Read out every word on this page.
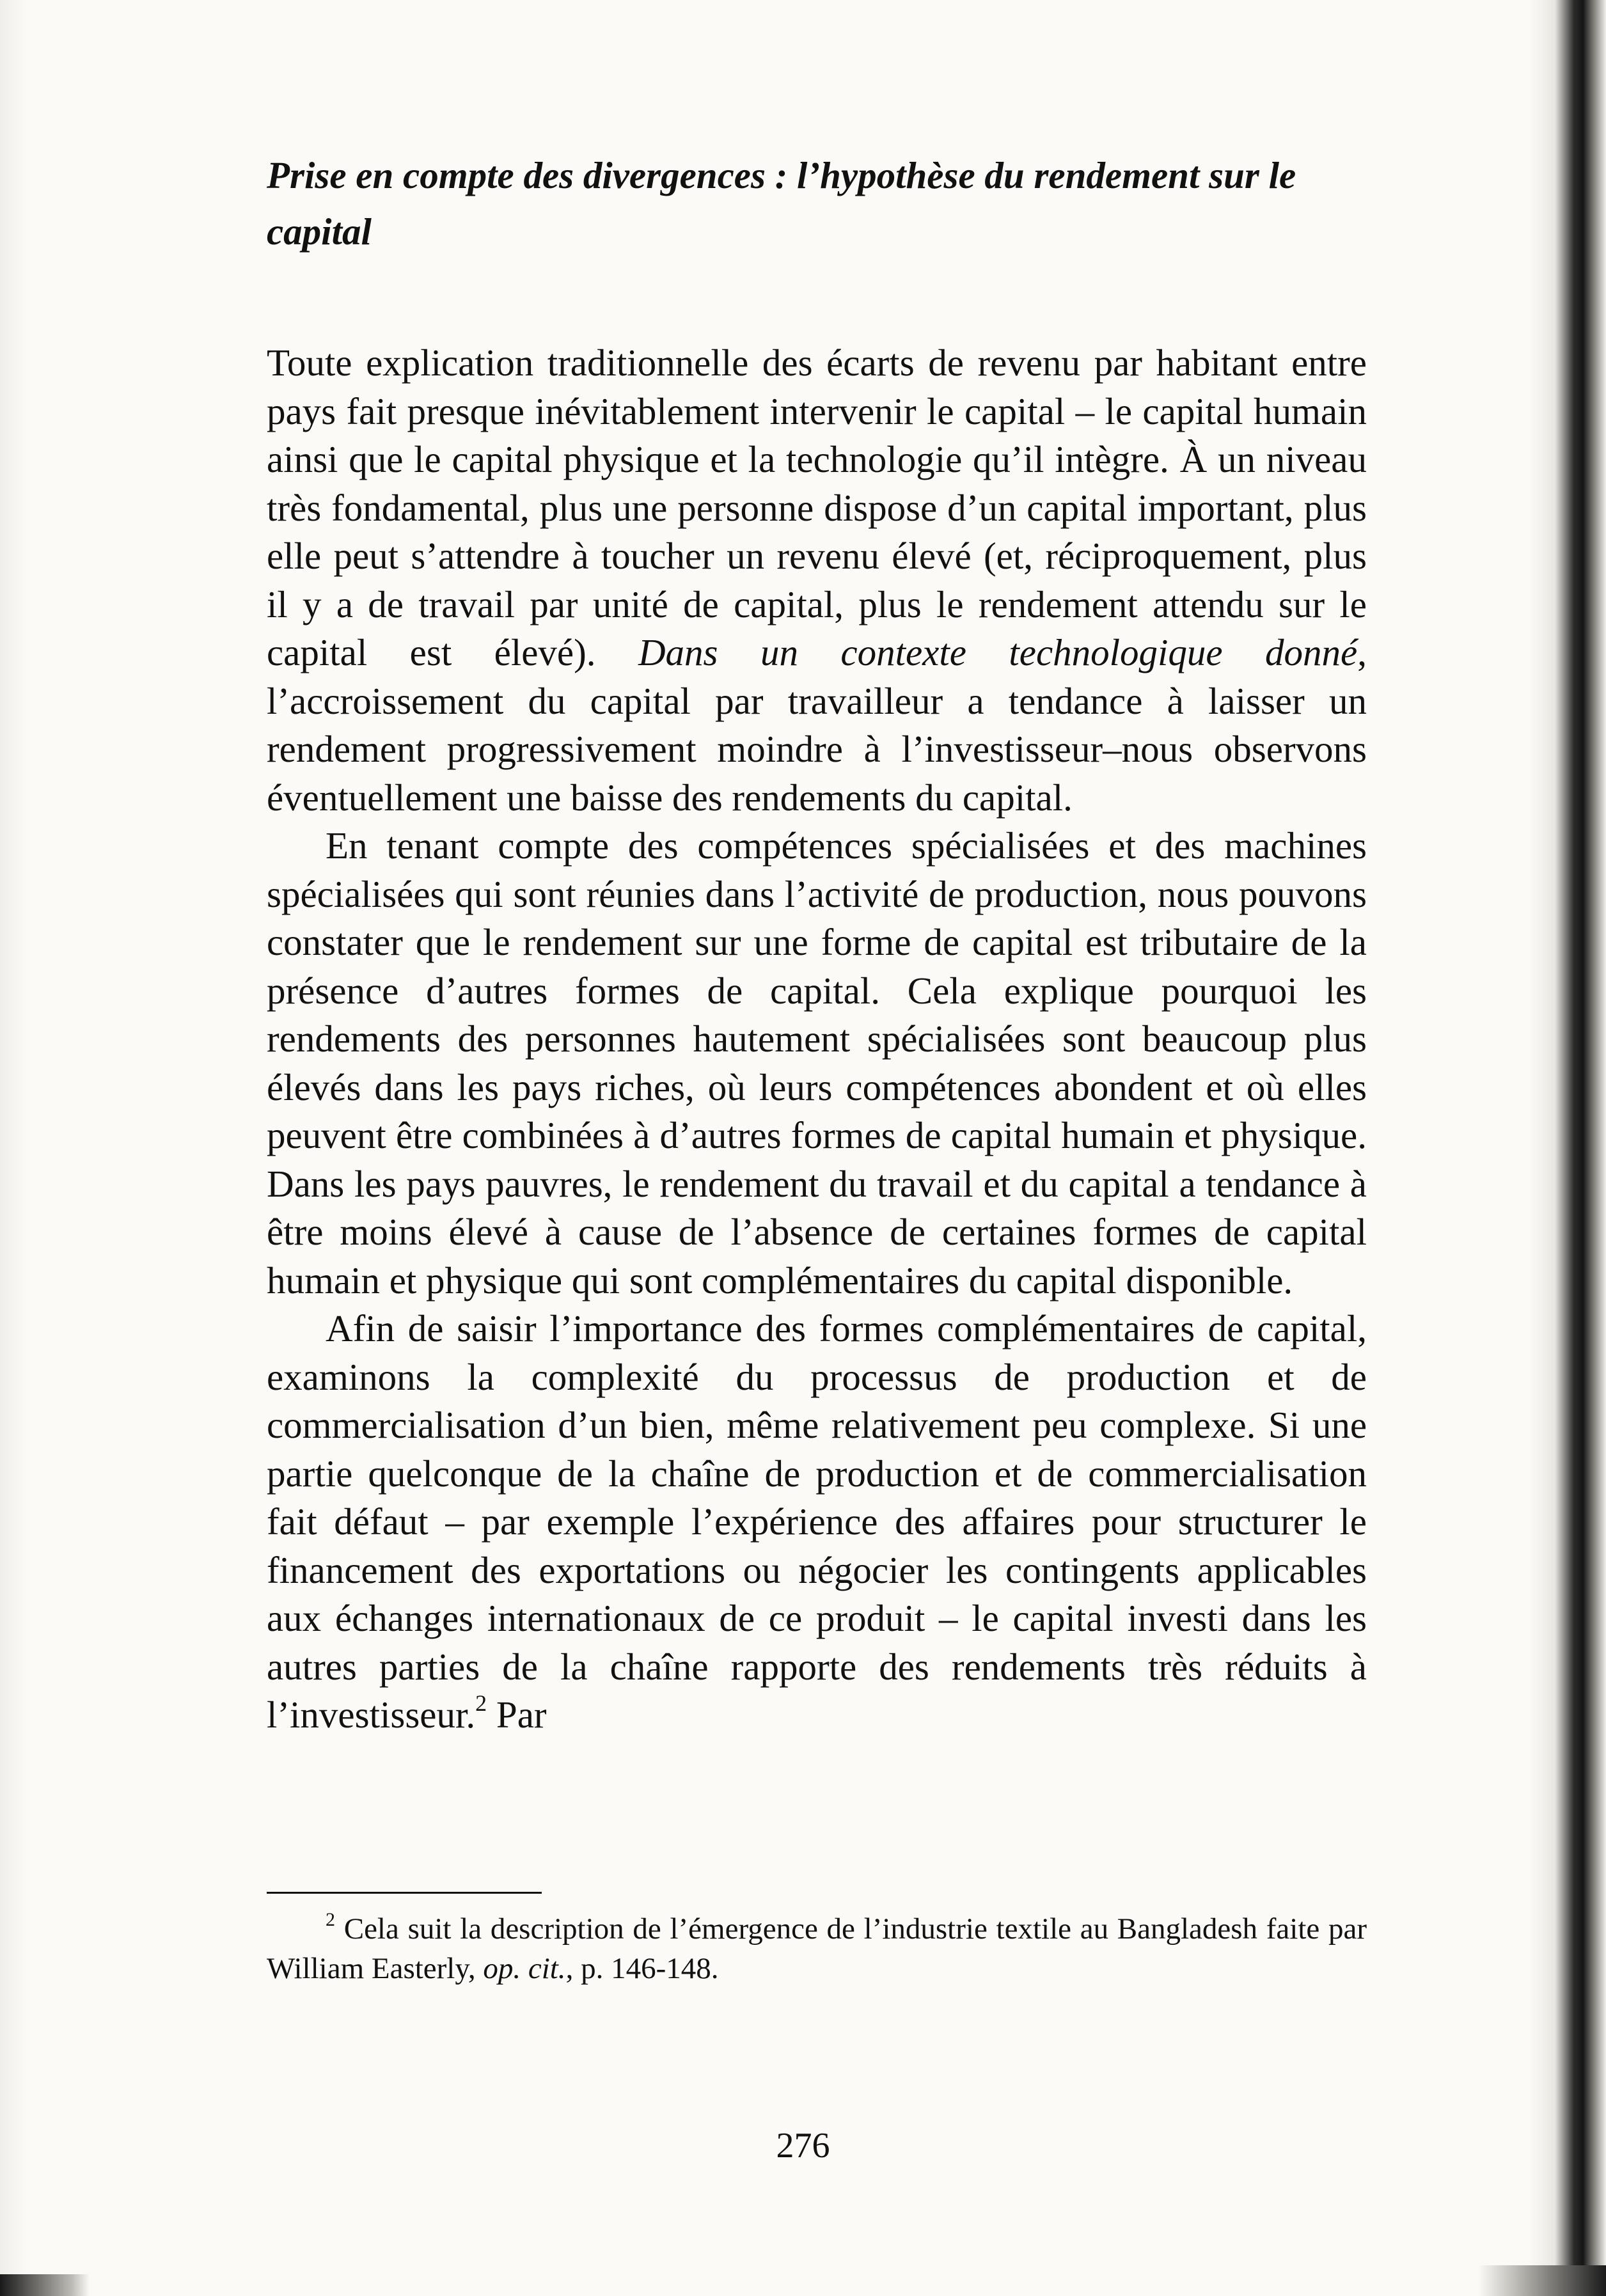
Prise en compte des divergences : l’hypothèse du rendement sur le capital

Toute explication traditionnelle des écarts de revenu par habitant entre pays fait presque inévitablement intervenir le capital – le capital humain ainsi que le capital physique et la technologie qu’il intègre. À un niveau très fondamental, plus une personne dispose d’un capital important, plus elle peut s’attendre à toucher un revenu élevé (et, réciproquement, plus il y a de travail par unité de capital, plus le rendement attendu sur le capital est élevé). Dans un contexte technologique donné, l’accroissement du capital par travailleur a tendance à laisser un rendement progressivement moindre à l’investisseur–nous observons éventuellement une baisse des rendements du capital.

En tenant compte des compétences spécialisées et des machines spécialisées qui sont réunies dans l’activité de production, nous pouvons constater que le rendement sur une forme de capital est tributaire de la présence d’autres formes de capital. Cela explique pourquoi les rendements des personnes hautement spécialisées sont beaucoup plus élevés dans les pays riches, où leurs compétences abondent et où elles peuvent être combinées à d’autres formes de capital humain et physique. Dans les pays pauvres, le rendement du travail et du capital a tendance à être moins élevé à cause de l’absence de certaines formes de capital humain et physique qui sont complémentaires du capital disponible.

Afin de saisir l’importance des formes complémentaires de capital, examinons la complexité du processus de production et de commercialisation d’un bien, même relativement peu complexe. Si une partie quelconque de la chaîne de production et de commercialisation fait défaut – par exemple l’expérience des affaires pour structurer le financement des exportations ou négocier les contingents applicables aux échanges internationaux de ce produit – le capital investi dans les autres parties de la chaîne rapporte des rendements très réduits à l’investisseur.$^2$ Par

$^2$ Cela suit la description de l’émergence de l’industrie textile au Bangladesh faite par William Easterly, op. cit., p. 146-148.

276
